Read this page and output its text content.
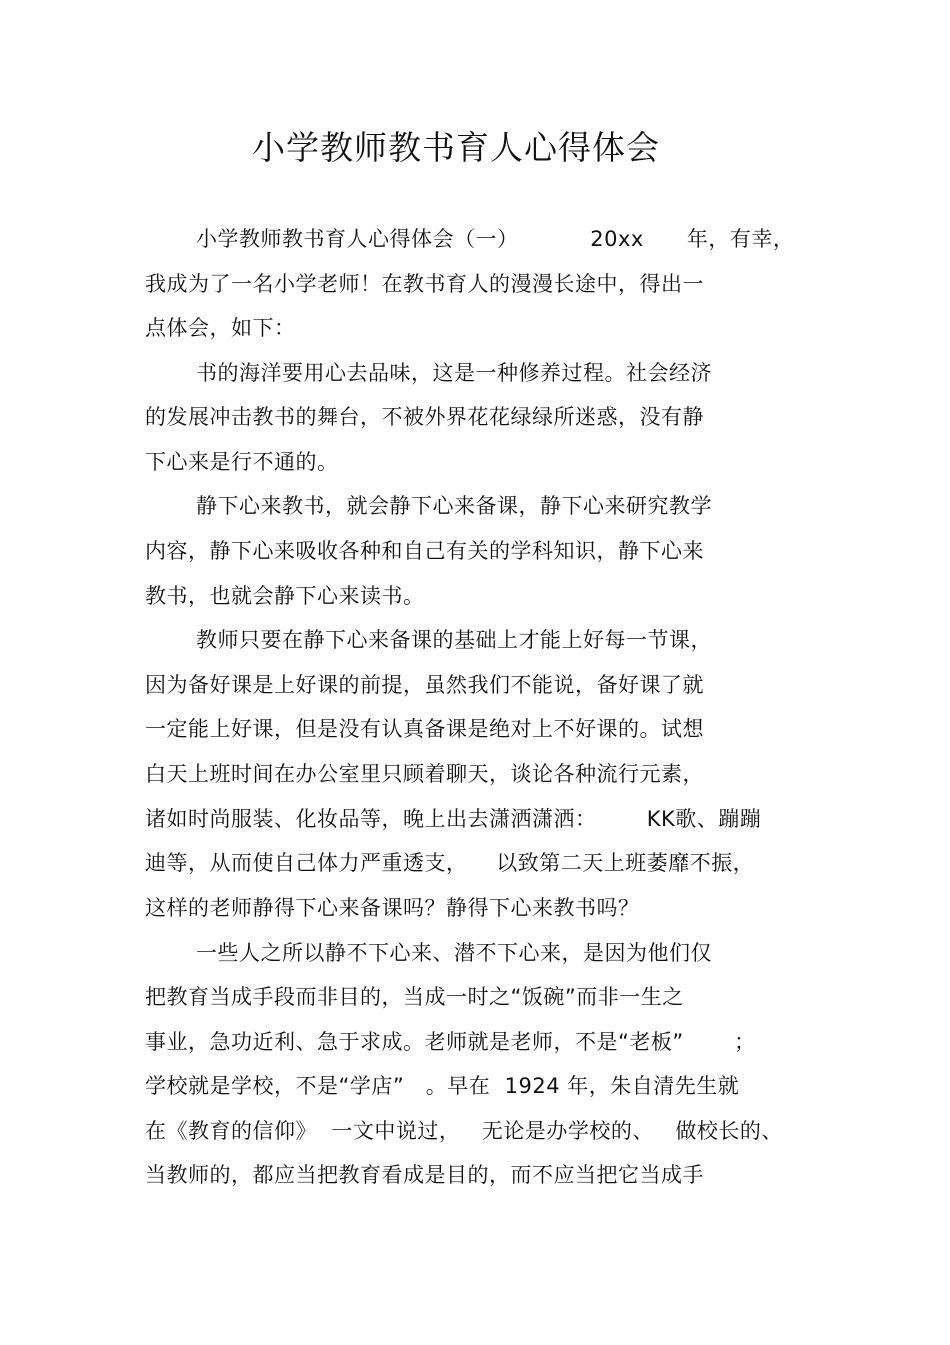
小学教师教书育人心得体会
小学教师教书育人心得体会（一）          20xx      年，有幸，
我成为了一名小学老师！在教书育人的漫漫长途中，得出一
点体会，如下：
书的海洋要用心去品味，这是一种修养过程。社会经济
的发展冲击教书的舞台，不被外界花花绿绿所迷惑，没有静
下心来是行不通的。
静下心来教书，就会静下心来备课，静下心来研究教学
内容，静下心来吸收各种和自己有关的学科知识，静下心来
教书，也就会静下心来读书。
教师只要在静下心来备课的基础上才能上好每一节课，
因为备好课是上好课的前提，虽然我们不能说，备好课了就
一定能上好课，但是没有认真备课是绝对上不好课的。试想
白天上班时间在办公室里只顾着聊天，谈论各种流行元素，
诸如时尚服装、化妆品等，晚上出去潇洒潇洒：       KK歌、蹦蹦
迪等，从而使自己体力严重透支，    以致第二天上班萎靡不振，
这样的老师静得下心来备课吗？静得下心来教书吗？
一些人之所以静不下心来、潜不下心来，是因为他们仅
把教育当成手段而非目的，当成一时之“饭碗”而非一生之
事业，急功近利、急于求成。老师就是老师，不是“老板”       ；
学校就是学校，不是“学店”   。早在  1924 年，朱自清先生就
在《教育的信仰》  一文中说过，   无论是办学校的、   做校长的、
当教师的，都应当把教育看成是目的，而不应当把它当成手
